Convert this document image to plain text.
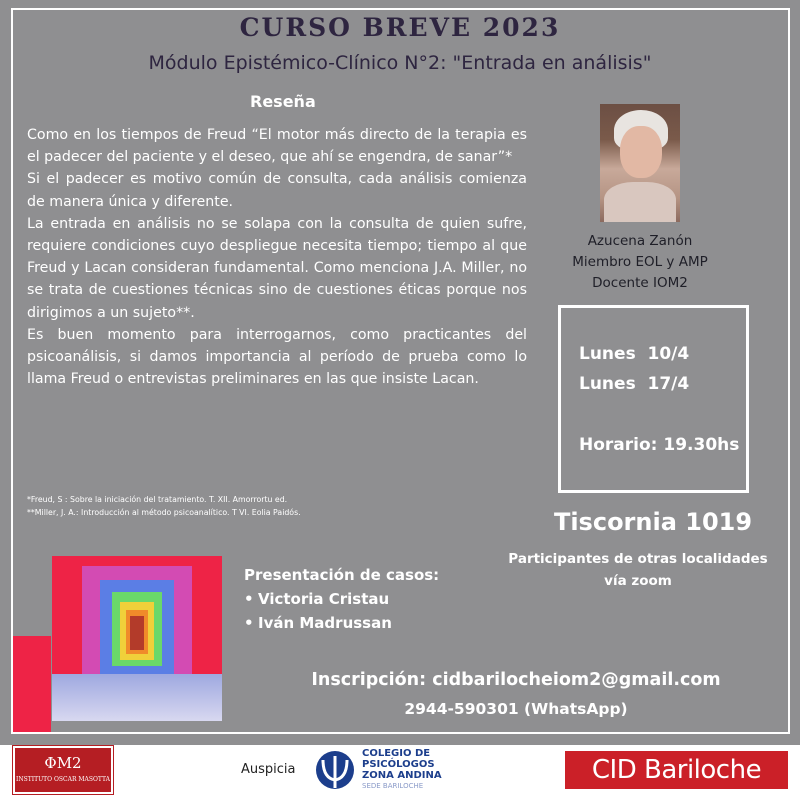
CURSO BREVE 2023
Módulo Epistémico-Clínico N°2: "Entrada en análisis"
Reseña

Como en los tiempos de Freud “El motor más directo de la terapia es el padecer del paciente y el deseo, que ahí se engendra, de sanar”*

Si el padecer es motivo común de consulta, cada análisis comienza de manera única y diferente.

La entrada en análisis no se solapa con la consulta de quien sufre, requiere condiciones cuyo despliegue necesita tiempo; tiempo al que Freud y Lacan consideran fundamental. Como menciona J.A. Miller, no se trata de cuestiones técnicas sino de cuestiones éticas porque nos dirigimos a un sujeto**.

Es buen momento para interrogarnos, como practicantes del psicoanálisis, si damos importancia al período de prueba como lo llama Freud o entrevistas preliminares en las que insiste Lacan.

*Freud, S : Sobre la iniciación del tratamiento. T. XII. Amorrortu ed.
**Miller, J. A.: Introducción al método psicoanalítico. T VI. Eolia Paidós.
Azucena Zanón
Miembro EOL y AMP
Docente IOM2
Lunes  10/4
Lunes  17/4
Horario: 19.30hs
Tiscornia 1019
Participantes de otras localidades
vía zoom
Presentación de casos:
• Victoria Cristau
• Iván Madrussan
Inscripción: cidbarilocheiom2@gmail.com
2944-590301 (WhatsApp)
ΦM2
INSTITUTO OSCAR MASOTTA
Auspicia
COLEGIO DE
PSICÓLOGOS
ZONA ANDINA
SEDE BARILOCHE
CID Bariloche
